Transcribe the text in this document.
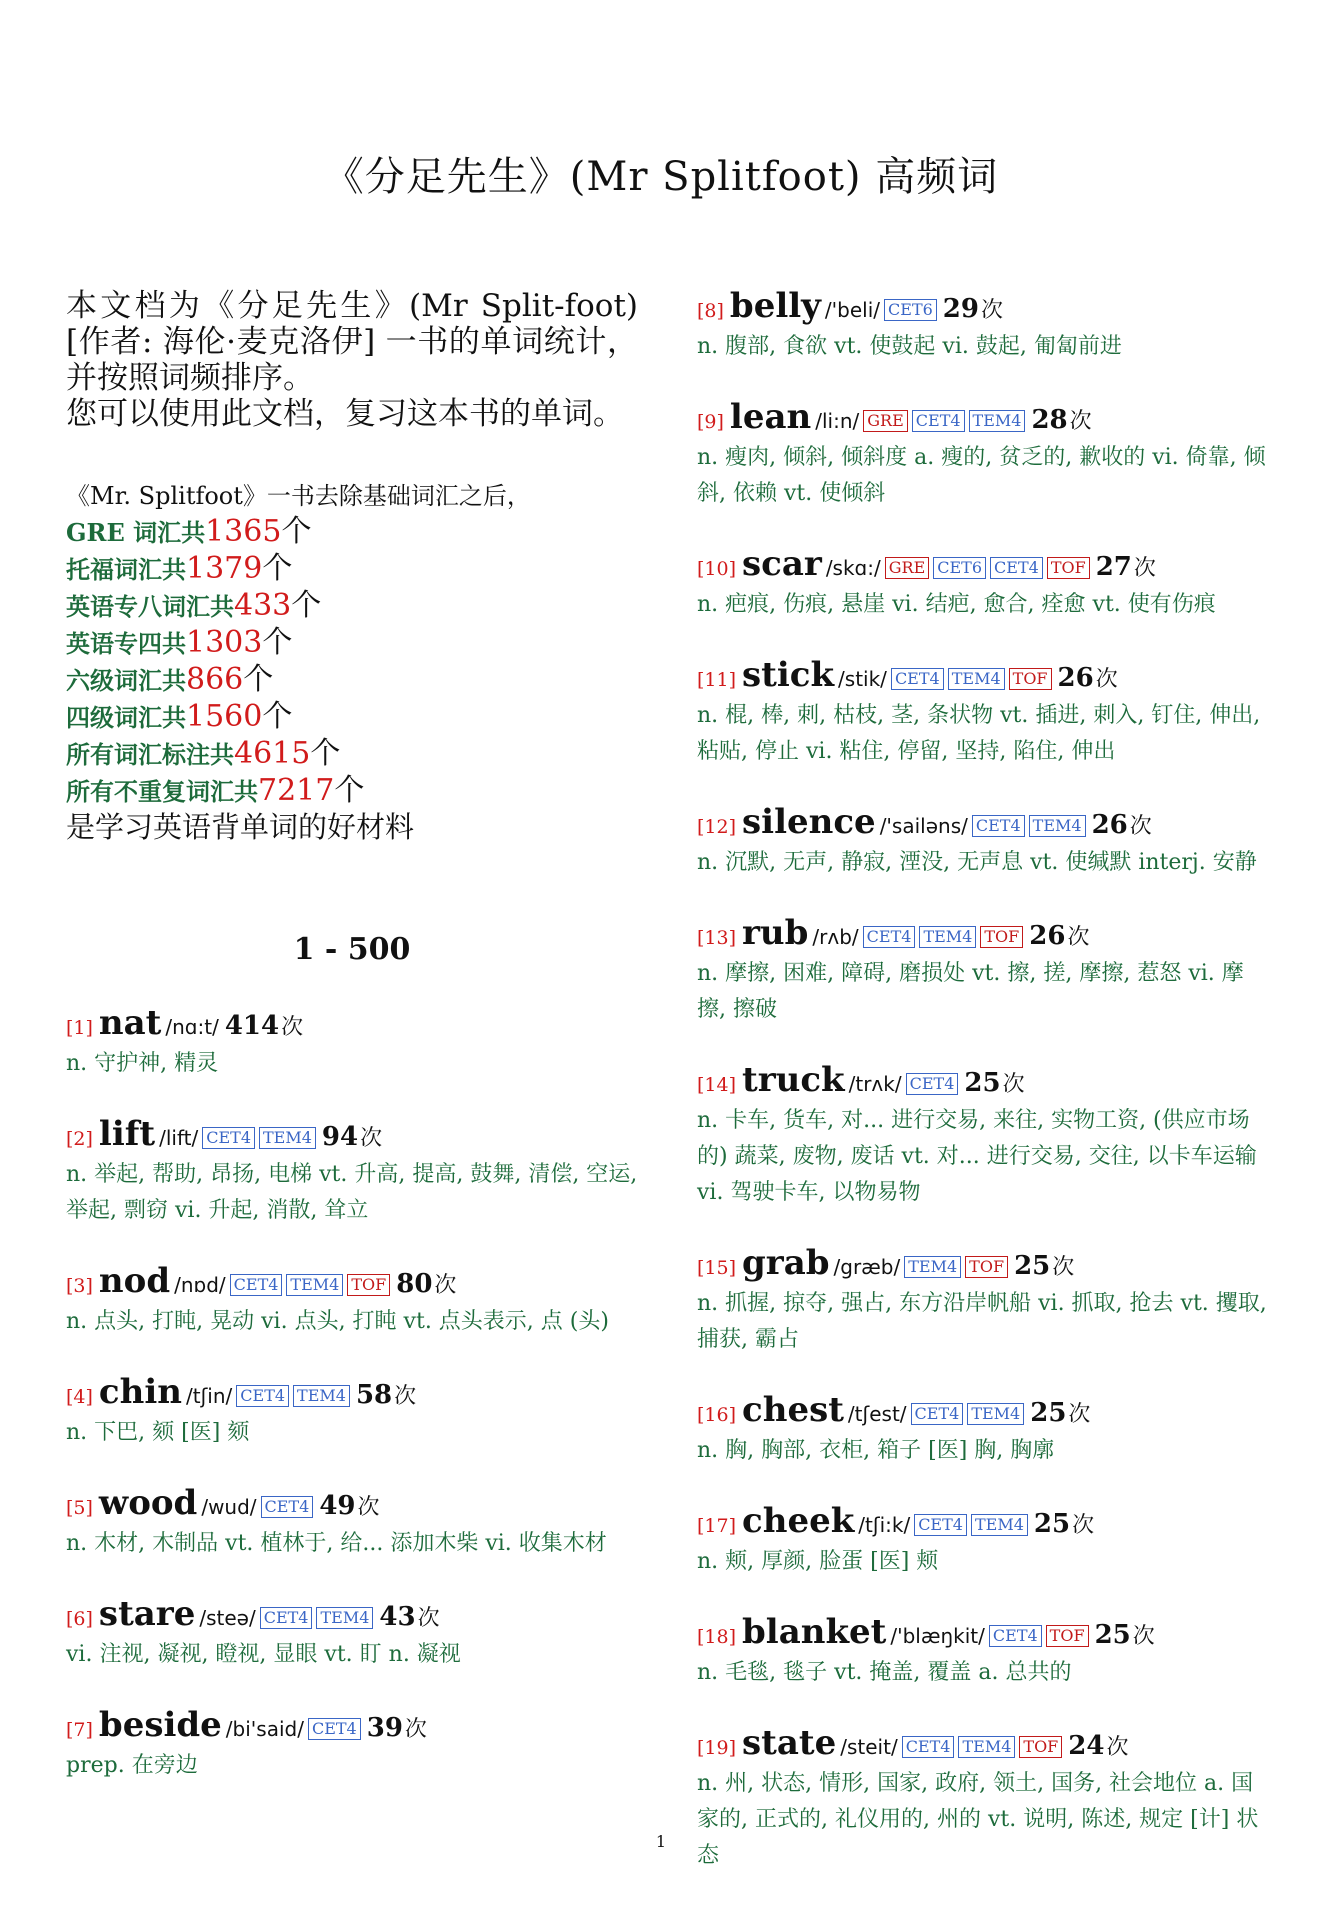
《分足先生》(Mr Splitfoot) 高频词
本文档为《分足先生》(Mr Split-foot)[作者: 海伦·麦克洛伊] 一书的单词统计，并按照词频排序。
您可以使用此文档，复习这本书的单词。
《Mr. Splitfoot》一书去除基础词汇之后，
GRE 词汇共1365个
托福词汇共1379个
英语专八词汇共433个
英语专四共1303个
六级词汇共866个
四级词汇共1560个
所有词汇标注共4615个
所有不重复词汇共7217个
是学习英语背单词的好材料
1 - 500
[1] nat /nɑ:t/ 414次
n. 守护神, 精灵
[2] lift /lift/ CET4 TEM4 94次
n. 举起, 帮助, 昂扬, 电梯 vt. 升高, 提高, 鼓舞, 清偿, 空运, 举起, 剽窃 vi. 升起, 消散, 耸立
[3] nod /nɒd/ CET4 TEM4 TOF 80次
n. 点头, 打盹, 晃动 vi. 点头, 打盹 vt. 点头表示, 点 (头)
[4] chin /tʃin/ CET4 TEM4 58次
n. 下巴, 颏 [医] 颏
[5] wood /wud/ CET4 49次
n. 木材, 木制品 vt. 植林于, 给... 添加木柴 vi. 收集木材
[6] stare /steə/ CET4 TEM4 43次
vi. 注视, 凝视, 瞪视, 显眼 vt. 盯 n. 凝视
[7] beside /bi'said/ CET4 39次
prep. 在旁边
[8] belly /'beli/ CET6 29次
n. 腹部, 食欲 vt. 使鼓起 vi. 鼓起, 匍匐前进
[9] lean /li:n/ GRE CET4 TEM4 28次
n. 瘦肉, 倾斜, 倾斜度 a. 瘦的, 贫乏的, 歉收的 vi. 倚靠, 倾斜, 依赖 vt. 使倾斜
[10] scar /skɑ:/ GRE CET6 CET4 TOF 27次
n. 疤痕, 伤痕, 悬崖 vi. 结疤, 愈合, 痊愈 vt. 使有伤痕
[11] stick /stik/ CET4 TEM4 TOF 26次
n. 棍, 棒, 刺, 枯枝, 茎, 条状物 vt. 插进, 刺入, 钉住, 伸出, 粘贴, 停止 vi. 粘住, 停留, 坚持, 陷住, 伸出
[12] silence /'sailəns/ CET4 TEM4 26次
n. 沉默, 无声, 静寂, 湮没, 无声息 vt. 使缄默 interj. 安静
[13] rub /rʌb/ CET4 TEM4 TOF 26次
n. 摩擦, 困难, 障碍, 磨损处 vt. 擦, 搓, 摩擦, 惹怒 vi. 摩擦, 擦破
[14] truck /trʌk/ CET4 25次
n. 卡车, 货车, 对... 进行交易, 来往, 实物工资, (供应市场的) 蔬菜, 废物, 废话 vt. 对... 进行交易, 交往, 以卡车运输 vi. 驾驶卡车, 以物易物
[15] grab /græb/ TEM4 TOF 25次
n. 抓握, 掠夺, 强占, 东方沿岸帆船 vi. 抓取, 抢去 vt. 攫取, 捕获, 霸占
[16] chest /tʃest/ CET4 TEM4 25次
n. 胸, 胸部, 衣柜, 箱子 [医] 胸, 胸廓
[17] cheek /tʃi:k/ CET4 TEM4 25次
n. 颊, 厚颜, 脸蛋 [医] 颊
[18] blanket /'blæŋkit/ CET4 TOF 25次
n. 毛毯, 毯子 vt. 掩盖, 覆盖 a. 总共的
[19] state /steit/ CET4 TEM4 TOF 24次
n. 州, 状态, 情形, 国家, 政府, 领土, 国务, 社会地位 a. 国家的, 正式的, 礼仪用的, 州的 vt. 说明, 陈述, 规定 [计] 状态
1
